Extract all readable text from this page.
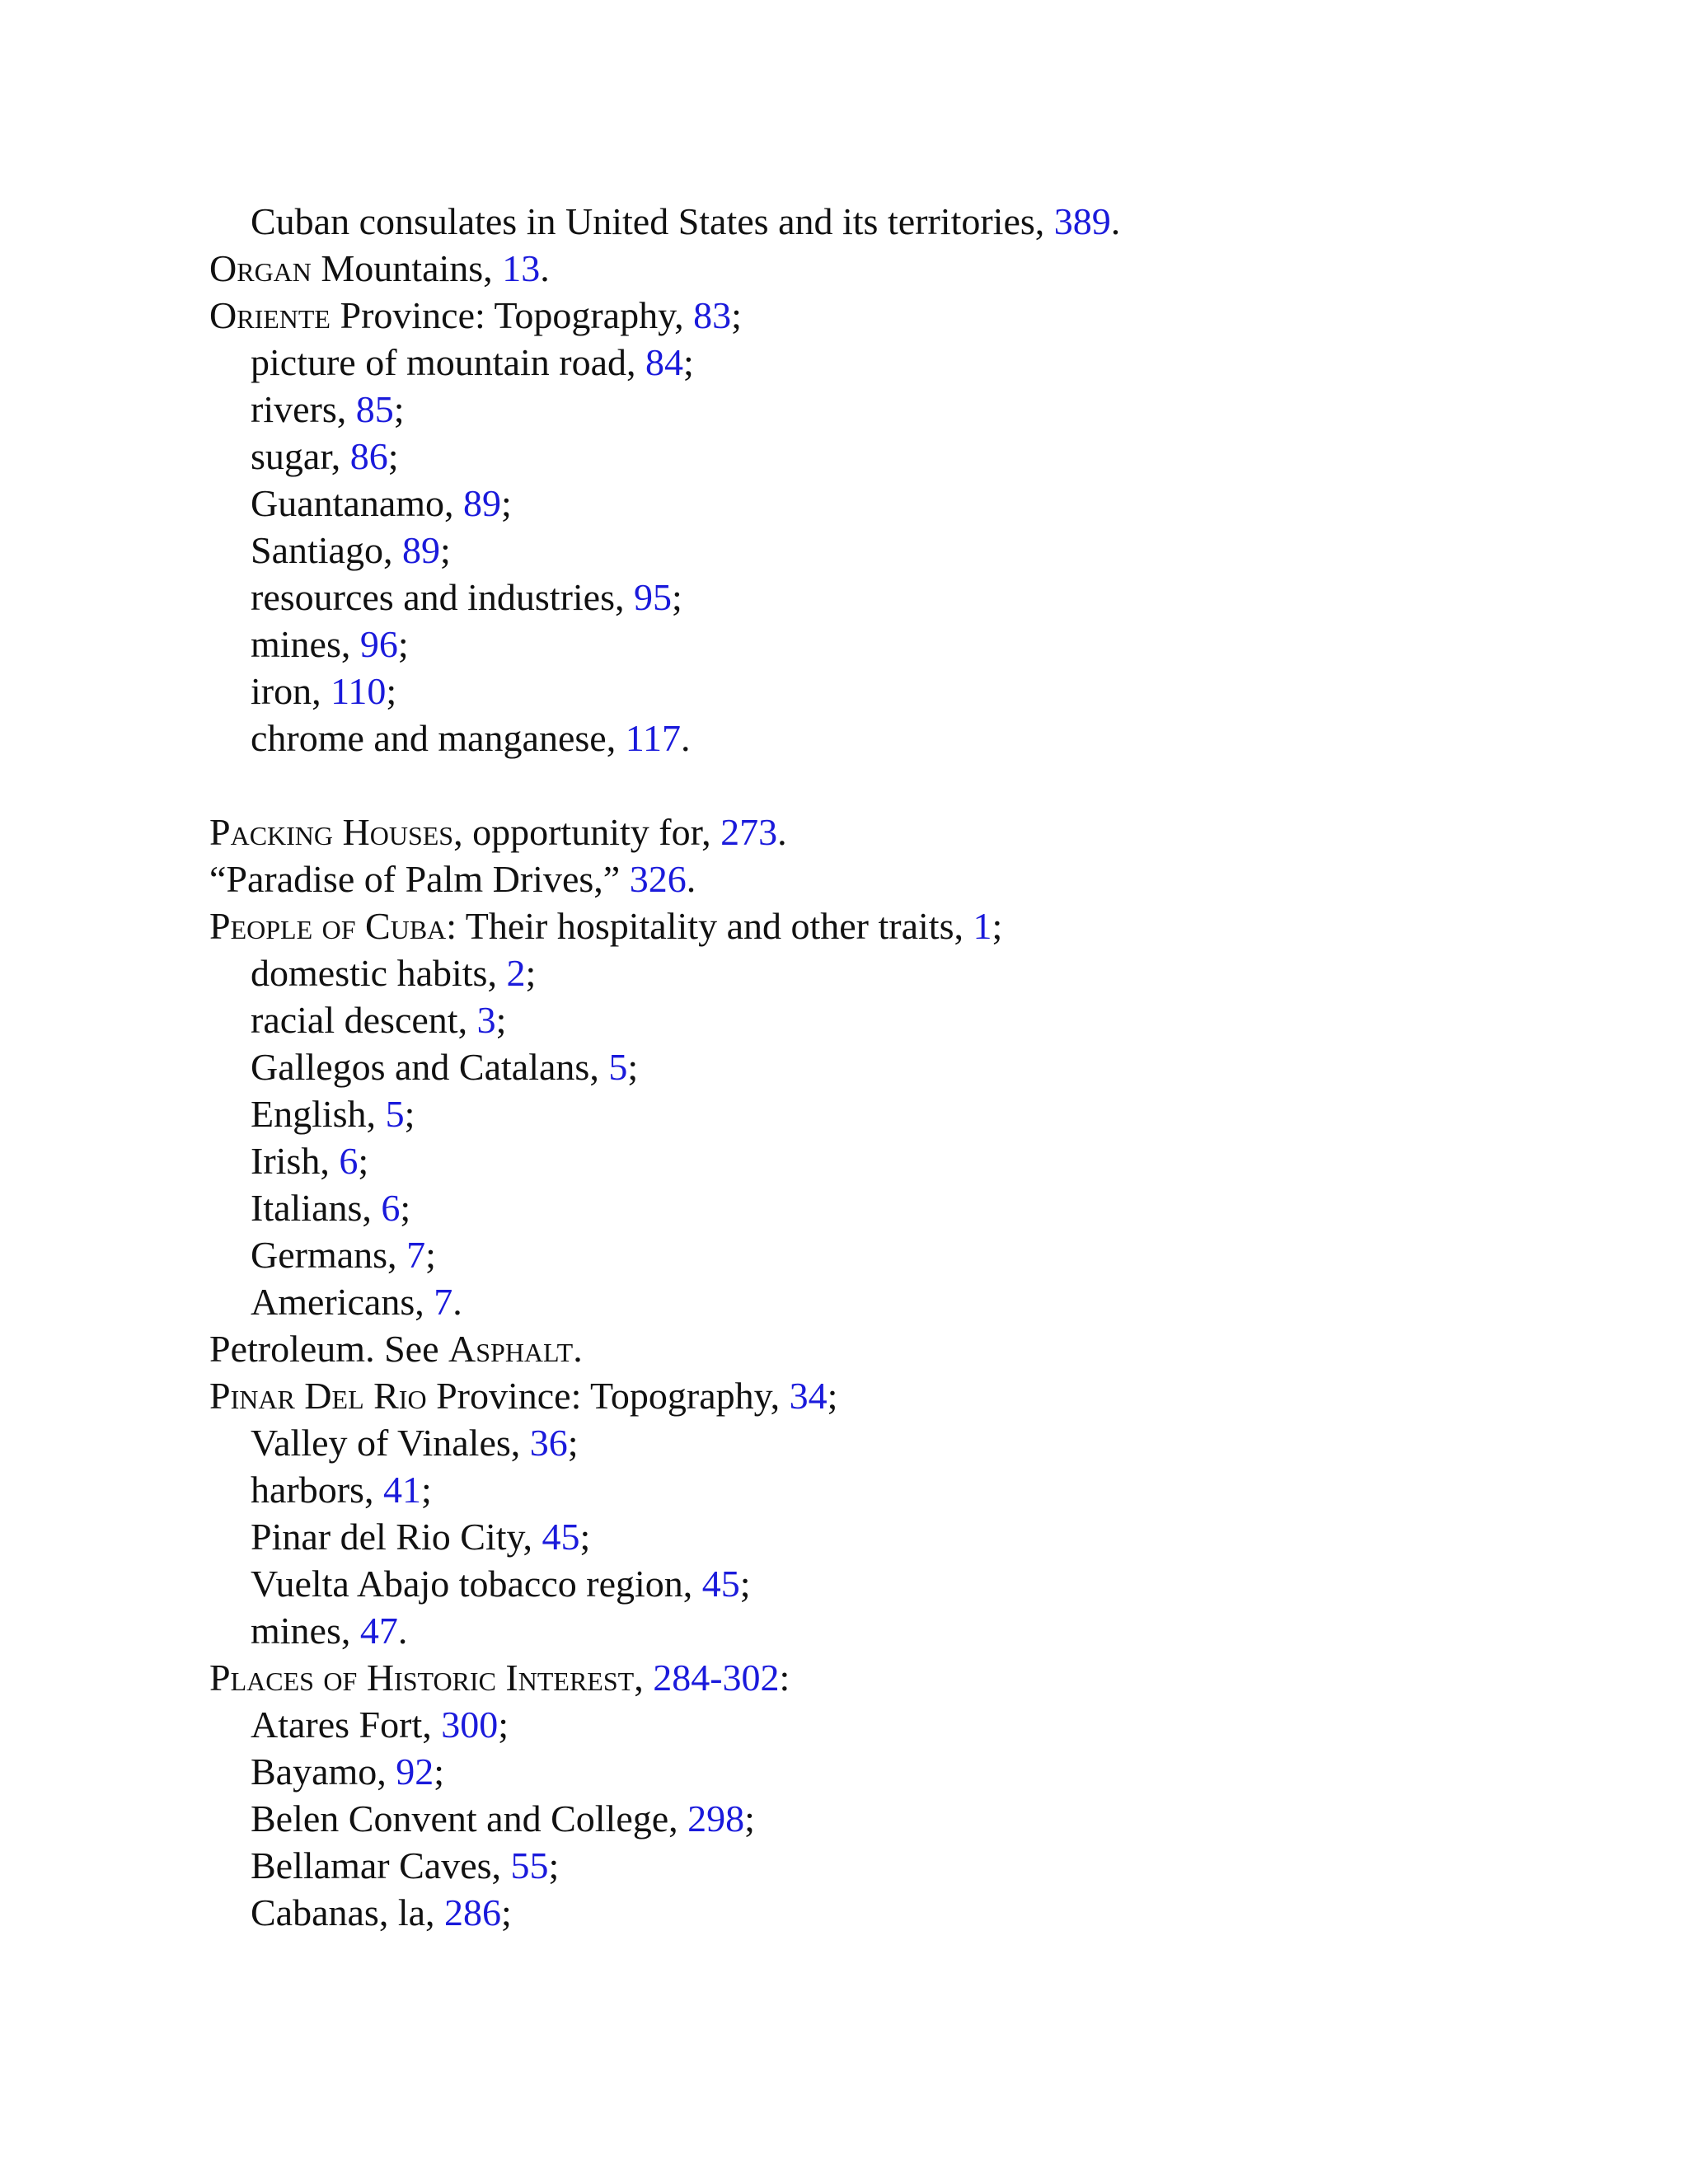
Cuban consulates in United States and its territories, 389.
Organ Mountains, 13.
Oriente Province: Topography, 83;
picture of mountain road, 84;
rivers, 85;
sugar, 86;
Guantanamo, 89;
Santiago, 89;
resources and industries, 95;
mines, 96;
iron, 110;
chrome and manganese, 117.
Packing Houses, opportunity for, 273.
“Paradise of Palm Drives,” 326.
People of Cuba: Their hospitality and other traits, 1;
domestic habits, 2;
racial descent, 3;
Gallegos and Catalans, 5;
English, 5;
Irish, 6;
Italians, 6;
Germans, 7;
Americans, 7.
Petroleum. See Asphalt.
Pinar Del Rio Province: Topography, 34;
Valley of Vinales, 36;
harbors, 41;
Pinar del Rio City, 45;
Vuelta Abajo tobacco region, 45;
mines, 47.
Places of Historic Interest, 284-302:
Atares Fort, 300;
Bayamo, 92;
Belen Convent and College, 298;
Bellamar Caves, 55;
Cabanas, la, 286;
